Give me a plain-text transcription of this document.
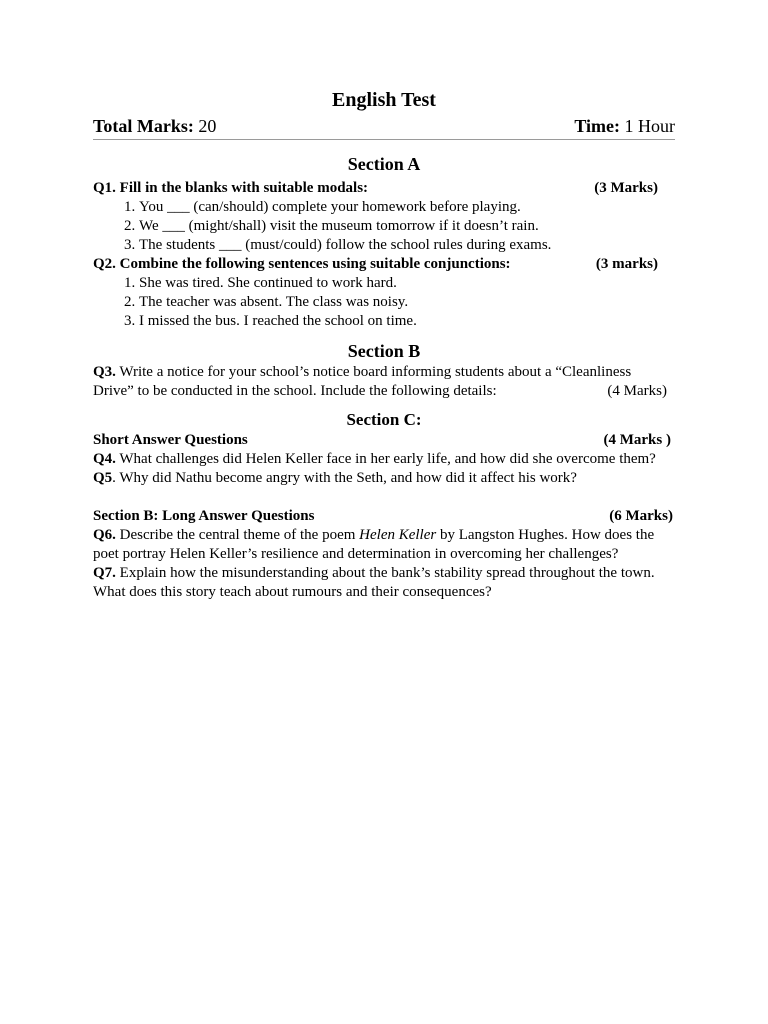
English Test
Total Marks: 20	Time: 1 Hour
Section A
Q1. Fill in the blanks with suitable modals:	(3 Marks)
1. You ___ (can/should) complete your homework before playing.
2. We ___ (might/shall) visit the museum tomorrow if it doesn’t rain.
3. The students ___ (must/could) follow the school rules during exams.
Q2. Combine the following sentences using suitable conjunctions:	(3 marks)
1. She was tired. She continued to work hard.
2. The teacher was absent. The class was noisy.
3. I missed the bus. I reached the school on time.
Section B

Q3. Write a notice for your school’s notice board informing students about a “Cleanliness Drive” to be conducted in the school. Include the following details:	(4 Marks)

Section C:
Short Answer Questions	(4 Marks )

Q4. What challenges did Helen Keller face in her early life, and how did she overcome them?

Q5. Why did Nathu become angry with the Seth, and how did it affect his work?

Section B: Long Answer Questions	(6 Marks)

Q6. Describe the central theme of the poem Helen Keller by Langston Hughes. How does the poet portray Helen Keller’s resilience and determination in overcoming her challenges?

Q7. Explain how the misunderstanding about the bank’s stability spread throughout the town. What does this story teach about rumours and their consequences?
